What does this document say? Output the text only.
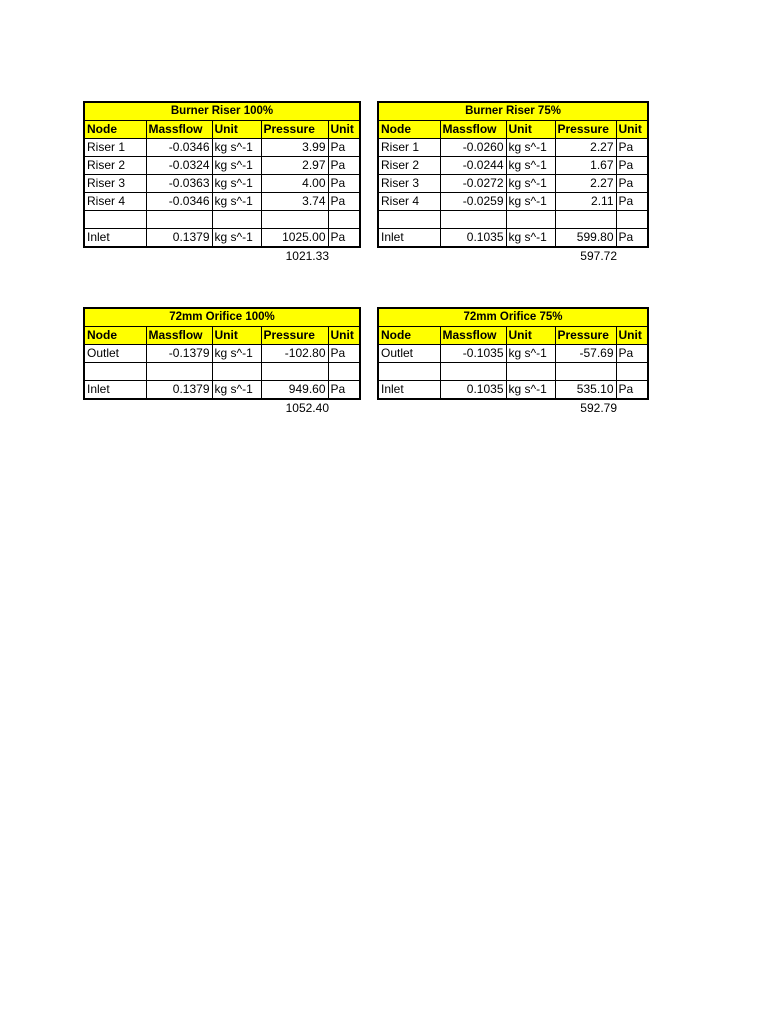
Burner Riser 100%				
Node	Massflow	Unit	Pressure	Unit
Riser 1	-0.0346	kg s^-1	3.99	Pa
Riser 2	-0.0324	kg s^-1	2.97	Pa
Riser 3	-0.0363	kg s^-1	4.00	Pa
Riser 4	-0.0346	kg s^-1	3.74	Pa

Inlet	0.1379	kg s^-1	1025.00	Pa
1021.33
Burner Riser 75%				
Node	Massflow	Unit	Pressure	Unit
Riser 1	-0.0260	kg s^-1	2.27	Pa
Riser 2	-0.0244	kg s^-1	1.67	Pa
Riser 3	-0.0272	kg s^-1	2.27	Pa
Riser 4	-0.0259	kg s^-1	2.11	Pa

Inlet	0.1035	kg s^-1	599.80	Pa
597.72
72mm Orifice 100%				
Node	Massflow	Unit	Pressure	Unit
Outlet	-0.1379	kg s^-1	-102.80	Pa

Inlet	0.1379	kg s^-1	949.60	Pa
1052.40
72mm Orifice 75%				
Node	Massflow	Unit	Pressure	Unit
Outlet	-0.1035	kg s^-1	-57.69	Pa

Inlet	0.1035	kg s^-1	535.10	Pa
592.79
